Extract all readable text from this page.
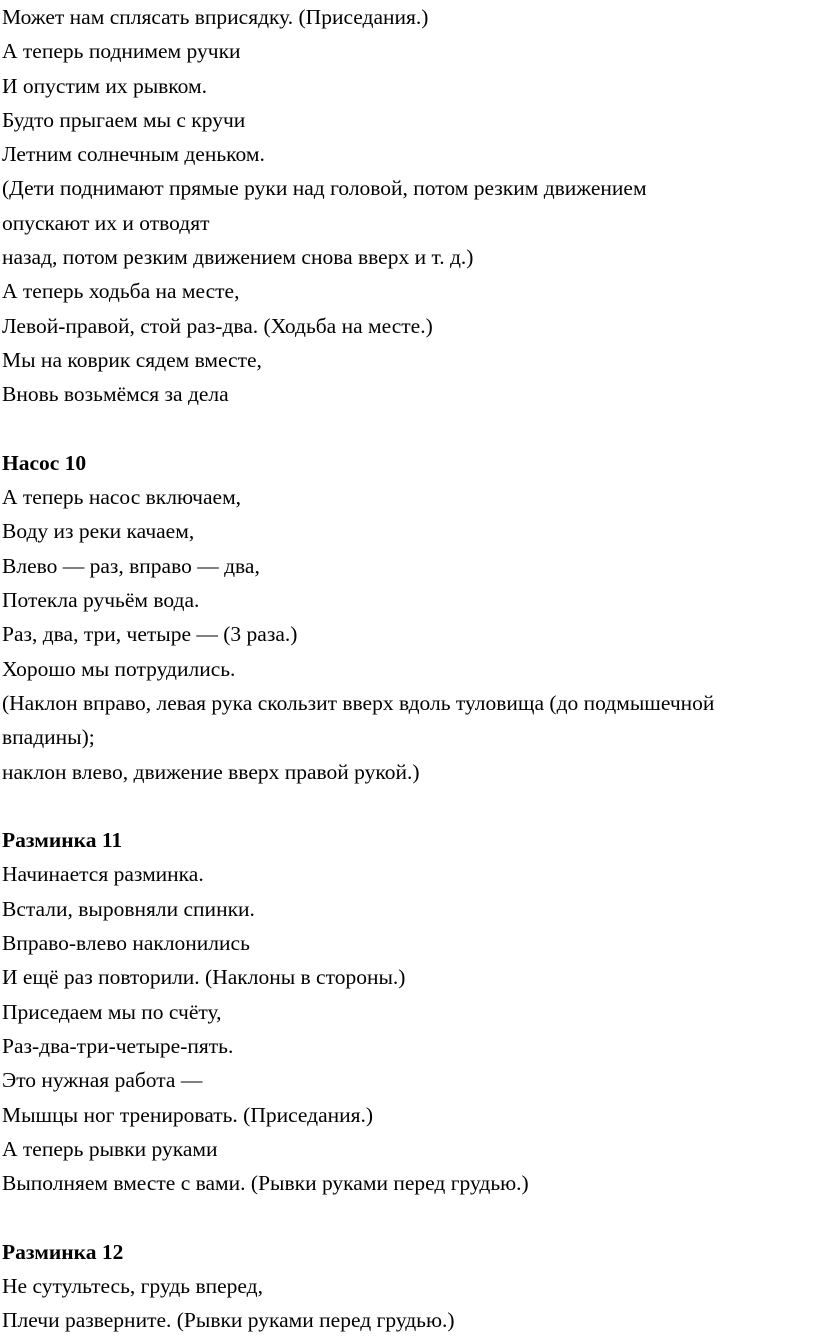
Может нам сплясать вприсядку. (Приседания.)
А теперь поднимем ручки
И опустим их рывком.
Будто прыгаем мы с кручи
Летним солнечным деньком.
(Дети поднимают прямые руки над головой, потом резким движением
опускают их и отводят
назад, потом резким движением снова вверх и т. д.)
А теперь ходьба на месте,
Левой-правой, стой раз-два. (Ходьба на месте.)
Мы на коврик сядем вместе,
Вновь возьмёмся за дела
Насос 10
А теперь насос включаем,
Воду из реки качаем,
Влево — раз, вправо — два,
Потекла ручьём вода.
Раз, два, три, четыре — (3 раза.)
Хорошо мы потрудились.
(Наклон вправо, левая рука скользит вверх вдоль туловища (до подмышечной
впадины);
наклон влево, движение вверх правой рукой.)
Разминка 11
Начинается разминка.
Встали, выровняли спинки.
Вправо-влево наклонились
И ещё раз повторили. (Наклоны в стороны.)
Приседаем мы по счёту,
Раз-два-три-четыре-пять.
Это нужная работа —
Мышцы ног тренировать. (Приседания.)
А теперь рывки руками
Выполняем вместе с вами. (Рывки руками перед грудью.)
Разминка 12
Не сутультесь, грудь вперед,
Плечи разверните. (Рывки руками перед грудью.)
